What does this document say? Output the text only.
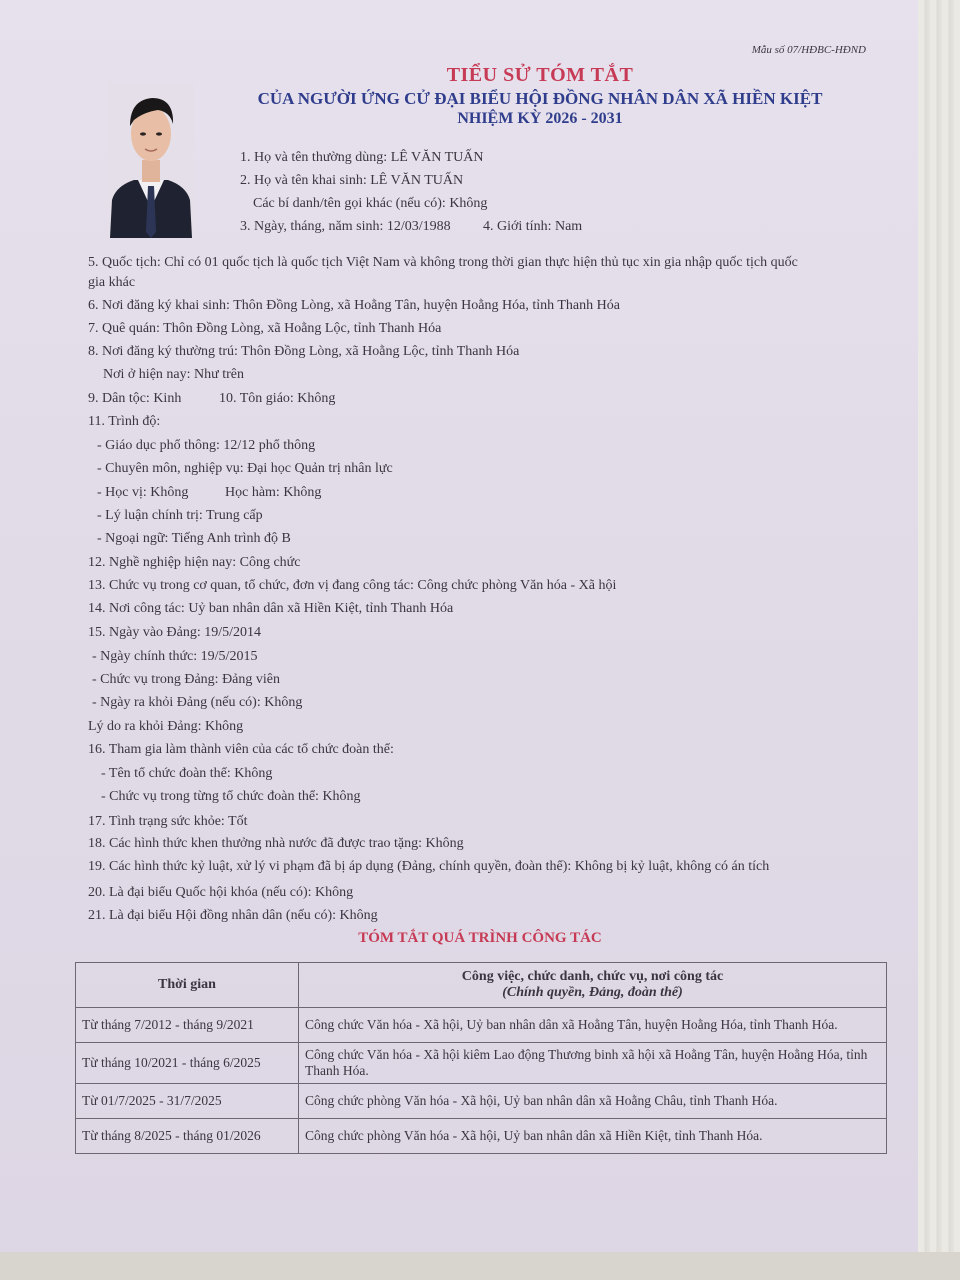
Mẫu số 07/HĐBC-HĐND
TIỂU SỬ TÓM TẮT
CỦA NGƯỜI ỨNG CỬ ĐẠI BIỂU HỘI ĐỒNG NHÂN DÂN XÃ HIỀN KIỆT
NHIỆM KỲ 2026 - 2031
1. Họ và tên thường dùng: LÊ VĂN TUẤN
2. Họ và tên khai sinh: LÊ VĂN TUẤN
Các bí danh/tên gọi khác (nếu có): Không
3. Ngày, tháng, năm sinh: 12/03/1988 4. Giới tính: Nam
5. Quốc tịch: Chỉ có 01 quốc tịch là quốc tịch Việt Nam và không trong thời gian thực hiện thủ tục xin gia nhập quốc tịch quốc
gia khác
6. Nơi đăng ký khai sinh: Thôn Đồng Lòng, xã Hoằng Tân, huyện Hoằng Hóa, tỉnh Thanh Hóa
7. Quê quán: Thôn Đồng Lòng, xã Hoằng Lộc, tỉnh Thanh Hóa
8. Nơi đăng ký thường trú: Thôn Đồng Lòng, xã Hoằng Lộc, tỉnh Thanh Hóa
Nơi ở hiện nay: Như trên
9. Dân tộc: Kinh	10. Tôn giáo: Không
11. Trình độ:
- Giáo dục phổ thông: 12/12 phổ thông
- Chuyên môn, nghiệp vụ: Đại học Quản trị nhân lực
- Học vị: Không	Học hàm: Không
- Lý luận chính trị: Trung cấp
- Ngoại ngữ: Tiếng Anh trình độ B
12. Nghề nghiệp hiện nay: Công chức
13. Chức vụ trong cơ quan, tổ chức, đơn vị đang công tác: Công chức phòng Văn hóa - Xã hội
14. Nơi công tác: Uỷ ban nhân dân xã Hiền Kiệt, tỉnh Thanh Hóa
15. Ngày vào Đảng: 19/5/2014
- Ngày chính thức: 19/5/2015
- Chức vụ trong Đảng: Đảng viên
- Ngày ra khỏi Đảng (nếu có): Không
Lý do ra khỏi Đảng: Không
16. Tham gia làm thành viên của các tổ chức đoàn thể:
- Tên tổ chức đoàn thể: Không
- Chức vụ trong từng tổ chức đoàn thể: Không
17. Tình trạng sức khỏe: Tốt
18. Các hình thức khen thưởng nhà nước đã được trao tặng: Không
19. Các hình thức kỷ luật, xử lý vi phạm đã bị áp dụng (Đảng, chính quyền, đoàn thể): Không bị kỷ luật, không có án tích
20. Là đại biểu Quốc hội khóa (nếu có): Không
21. Là đại biểu Hội đồng nhân dân (nếu có): Không
TÓM TẮT QUÁ TRÌNH CÔNG TÁC
Thời gian	Công việc, chức danh, chức vụ, nơi công tác
(Chính quyền, Đảng, đoàn thể)

Từ tháng 7/2012 - tháng 9/2021	Công chức Văn hóa - Xã hội, Uỷ ban nhân dân xã Hoằng Tân, huyện Hoằng Hóa, tỉnh Thanh Hóa.
Từ tháng 10/2021 - tháng 6/2025	Công chức Văn hóa - Xã hội kiêm Lao động Thương binh xã hội xã Hoằng Tân, huyện Hoằng Hóa, tỉnh Thanh Hóa.
Từ 01/7/2025 - 31/7/2025	Công chức phòng Văn hóa - Xã hội, Uỷ ban nhân dân xã Hoằng Châu, tỉnh Thanh Hóa.
Từ tháng 8/2025 - tháng 01/2026	Công chức phòng Văn hóa - Xã hội, Uỷ ban nhân dân xã Hiền Kiệt, tỉnh Thanh Hóa.
